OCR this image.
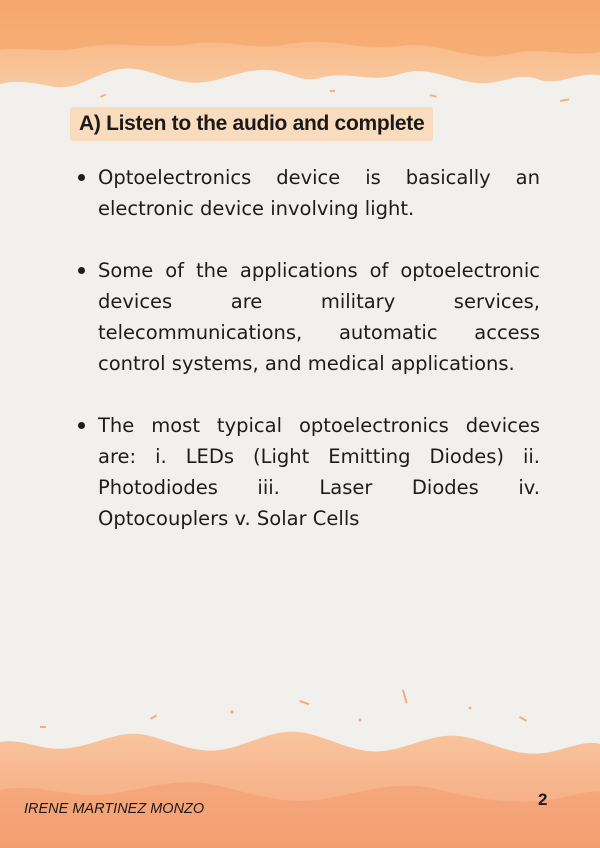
A) Listen to the audio and complete
Optoelectronics device is basically an electronic device involving light.
Some of the applications of optoelectronic devices are military services, telecommunications, automatic access control systems, and medical applications.
The most typical optoelectronics devices are: i. LEDs (Light Emitting Diodes) ii. Photodiodes iii. Laser Diodes iv. Optocouplers v. Solar Cells
IRENE MARTINEZ MONZO	2
